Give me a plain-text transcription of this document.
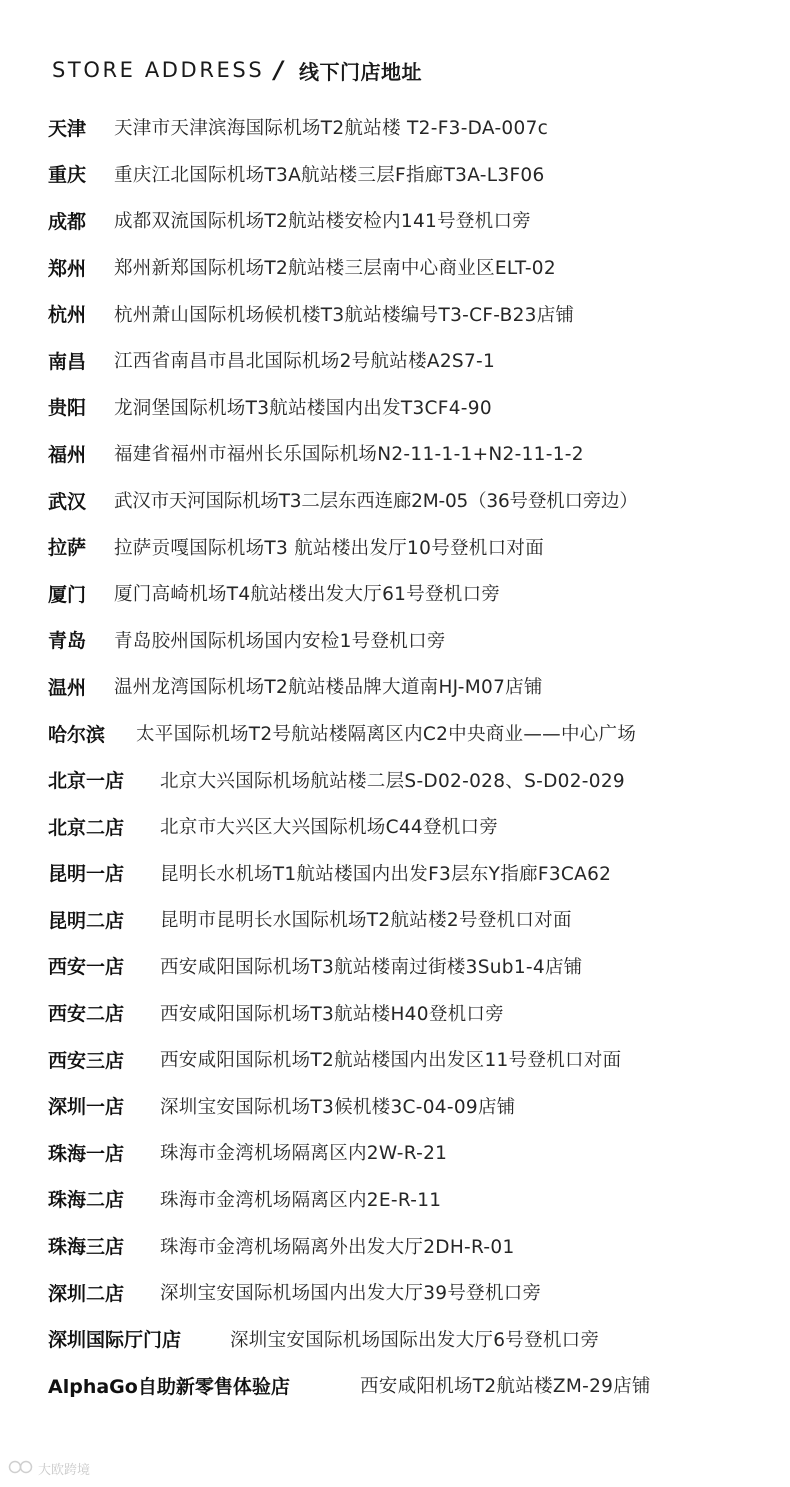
STORE ADDRESS / 线下门店地址
天津	天津市天津滨海国际机场T2航站楼 T2-F3-DA-007c
重庆	重庆江北国际机场T3A航站楼三层F指廊T3A-L3F06
成都	成都双流国际机场T2航站楼安检内141号登机口旁
郑州	郑州新郑国际机场T2航站楼三层南中心商业区ELT-02
杭州	杭州萧山国际机场候机楼T3航站楼编号T3-CF-B23店铺
南昌	江西省南昌市昌北国际机场2号航站楼A2S7-1
贵阳	龙洞堡国际机场T3航站楼国内出发T3CF4-90
福州	福建省福州市福州长乐国际机场N2-11-1-1+N2-11-1-2
武汉	武汉市天河国际机场T3二层东西连廊2M-05（36号登机口旁边）
拉萨	拉萨贡嘎国际机场T3 航站楼出发厅10号登机口对面
厦门	厦门高崎机场T4航站楼出发大厅61号登机口旁
青岛	青岛胶州国际机场国内安检1号登机口旁
温州	温州龙湾国际机场T2航站楼品牌大道南HJ-M07店铺
哈尔滨	太平国际机场T2号航站楼隔离区内C2中央商业——中心广场
北京一店	北京大兴国际机场航站楼二层S-D02-028、S-D02-029
北京二店	北京市大兴区大兴国际机场C44登机口旁
昆明一店	昆明长水机场T1航站楼国内出发F3层东Y指廊F3CA62
昆明二店	昆明市昆明长水国际机场T2航站楼2号登机口对面
西安一店	西安咸阳国际机场T3航站楼南过街楼3Sub1-4店铺
西安二店	西安咸阳国际机场T3航站楼H40登机口旁
西安三店	西安咸阳国际机场T2航站楼国内出发区11号登机口对面
深圳一店	深圳宝安国际机场T3候机楼3C-04-09店铺
珠海一店	珠海市金湾机场隔离区内2W-R-21
珠海二店	珠海市金湾机场隔离区内2E-R-11
珠海三店	珠海市金湾机场隔离外出发大厅2DH-R-01
深圳二店	深圳宝安国际机场国内出发大厅39号登机口旁
深圳国际厅门店	深圳宝安国际机场国际出发大厅6号登机口旁
AlphaGo自助新零售体验店	西安咸阳机场T2航站楼ZM-29店铺
大欧跨境
